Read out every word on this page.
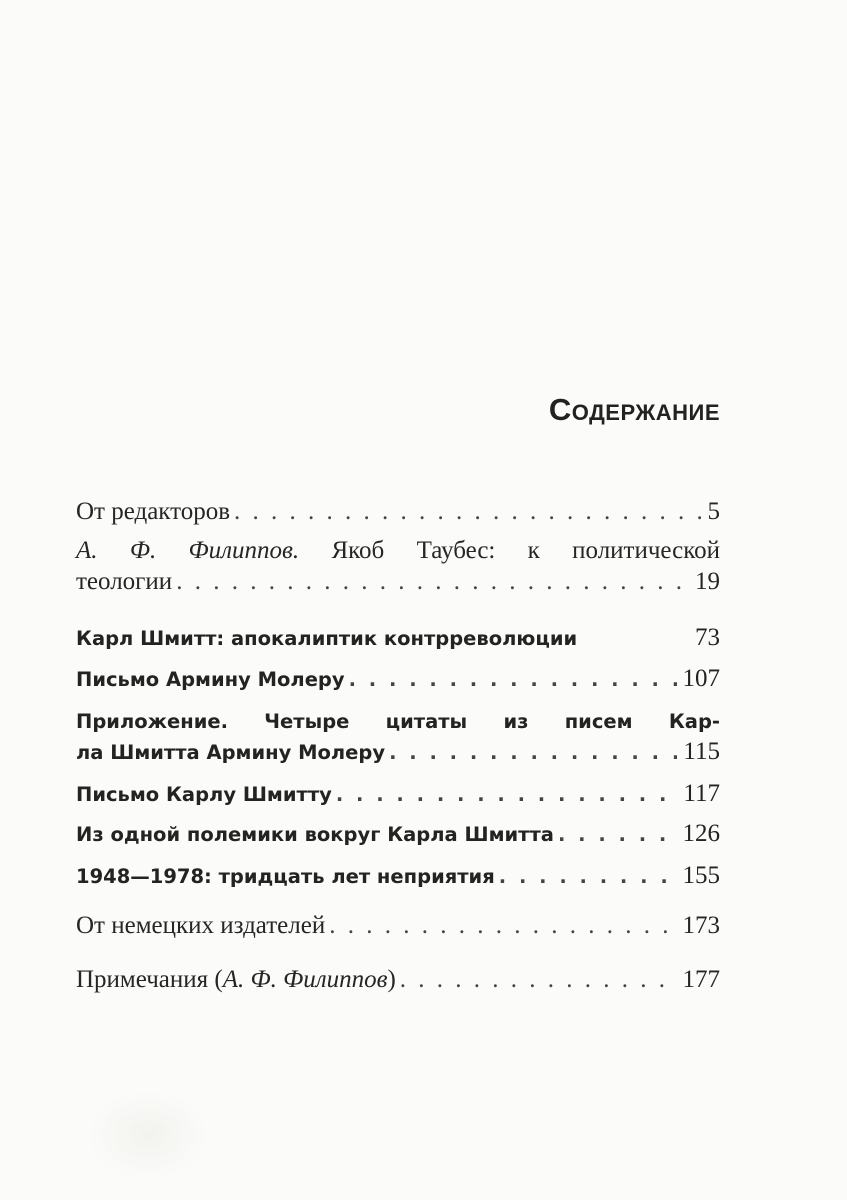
Содержание
От редакторов . . .	5
А. Ф. Филиппов. Якоб Таубес: к политической
теологии . . .	19
Карл Шмитт: апокалиптик контрреволюции	73
Письмо Армину Молеру . . .	107
Приложение. Четыре цитаты из писем Кар-
ла Шмитта Армину Молеру . . .	115
Письмо Карлу Шмитту . . .	117
Из одной полемики вокруг Карла Шмитта . . .	126
1948—1978: тридцать лет неприятия . . .	155
От немецких издателей . . .	173
Примечания (А. Ф. Филиппов) . . .	177
